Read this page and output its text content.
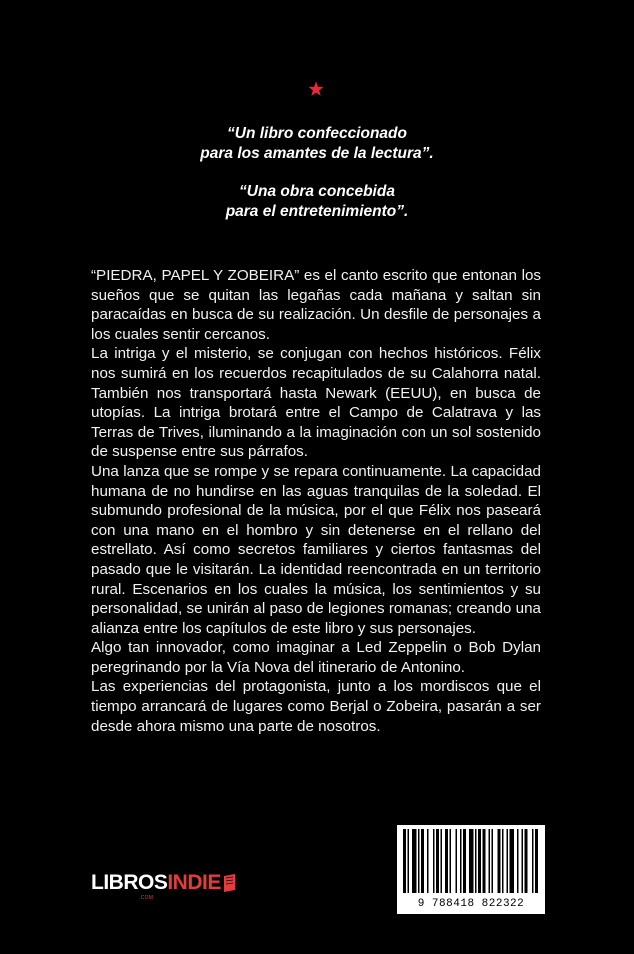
“Un libro confeccionado
para los amantes de la lectura”.
“Una obra concebida
para el entretenimiento”.

“PIEDRA, PAPEL Y ZOBEIRA” es el canto escrito que entonan los sueños que se quitan las legañas cada mañana y saltan sin paracaídas en busca de su realización. Un desfile de personajes a los cuales sentir cercanos.

La intriga y el misterio, se conjugan con hechos históricos. Félix nos sumirá en los recuerdos recapitulados de su Calahorra natal. También nos transportará hasta Newark (EEUU), en busca de utopías. La intriga brotará entre el Campo de Calatrava y las Terras de Trives, iluminando a la imaginación con un sol sostenido de suspense entre sus párrafos.

Una lanza que se rompe y se repara continuamente. La capacidad humana de no hundirse en las aguas tranquilas de la soledad. El submundo profesional de la música, por el que Félix nos paseará con una mano en el hombro y sin detenerse en el rellano del estrellato. Así como secretos familiares y ciertos fantasmas del pasado que le visitarán. La identidad reencontrada en un territorio rural. Escenarios en los cuales la música, los sentimientos y su personalidad, se unirán al paso de legiones romanas; creando una alianza entre los capítulos de este libro y sus personajes.

Algo tan innovador, como imaginar a Led Zeppelin o Bob Dylan peregrinando por la Vía Nova del itinerario de Antonino.

Las experiencias del protagonista, junto a los mordiscos que el tiempo arrancará de lugares como Berjal o Zobeira, pasarán a ser desde ahora mismo una parte de nosotros.

LIBROS INDIE
.COM	9 788418 822322
